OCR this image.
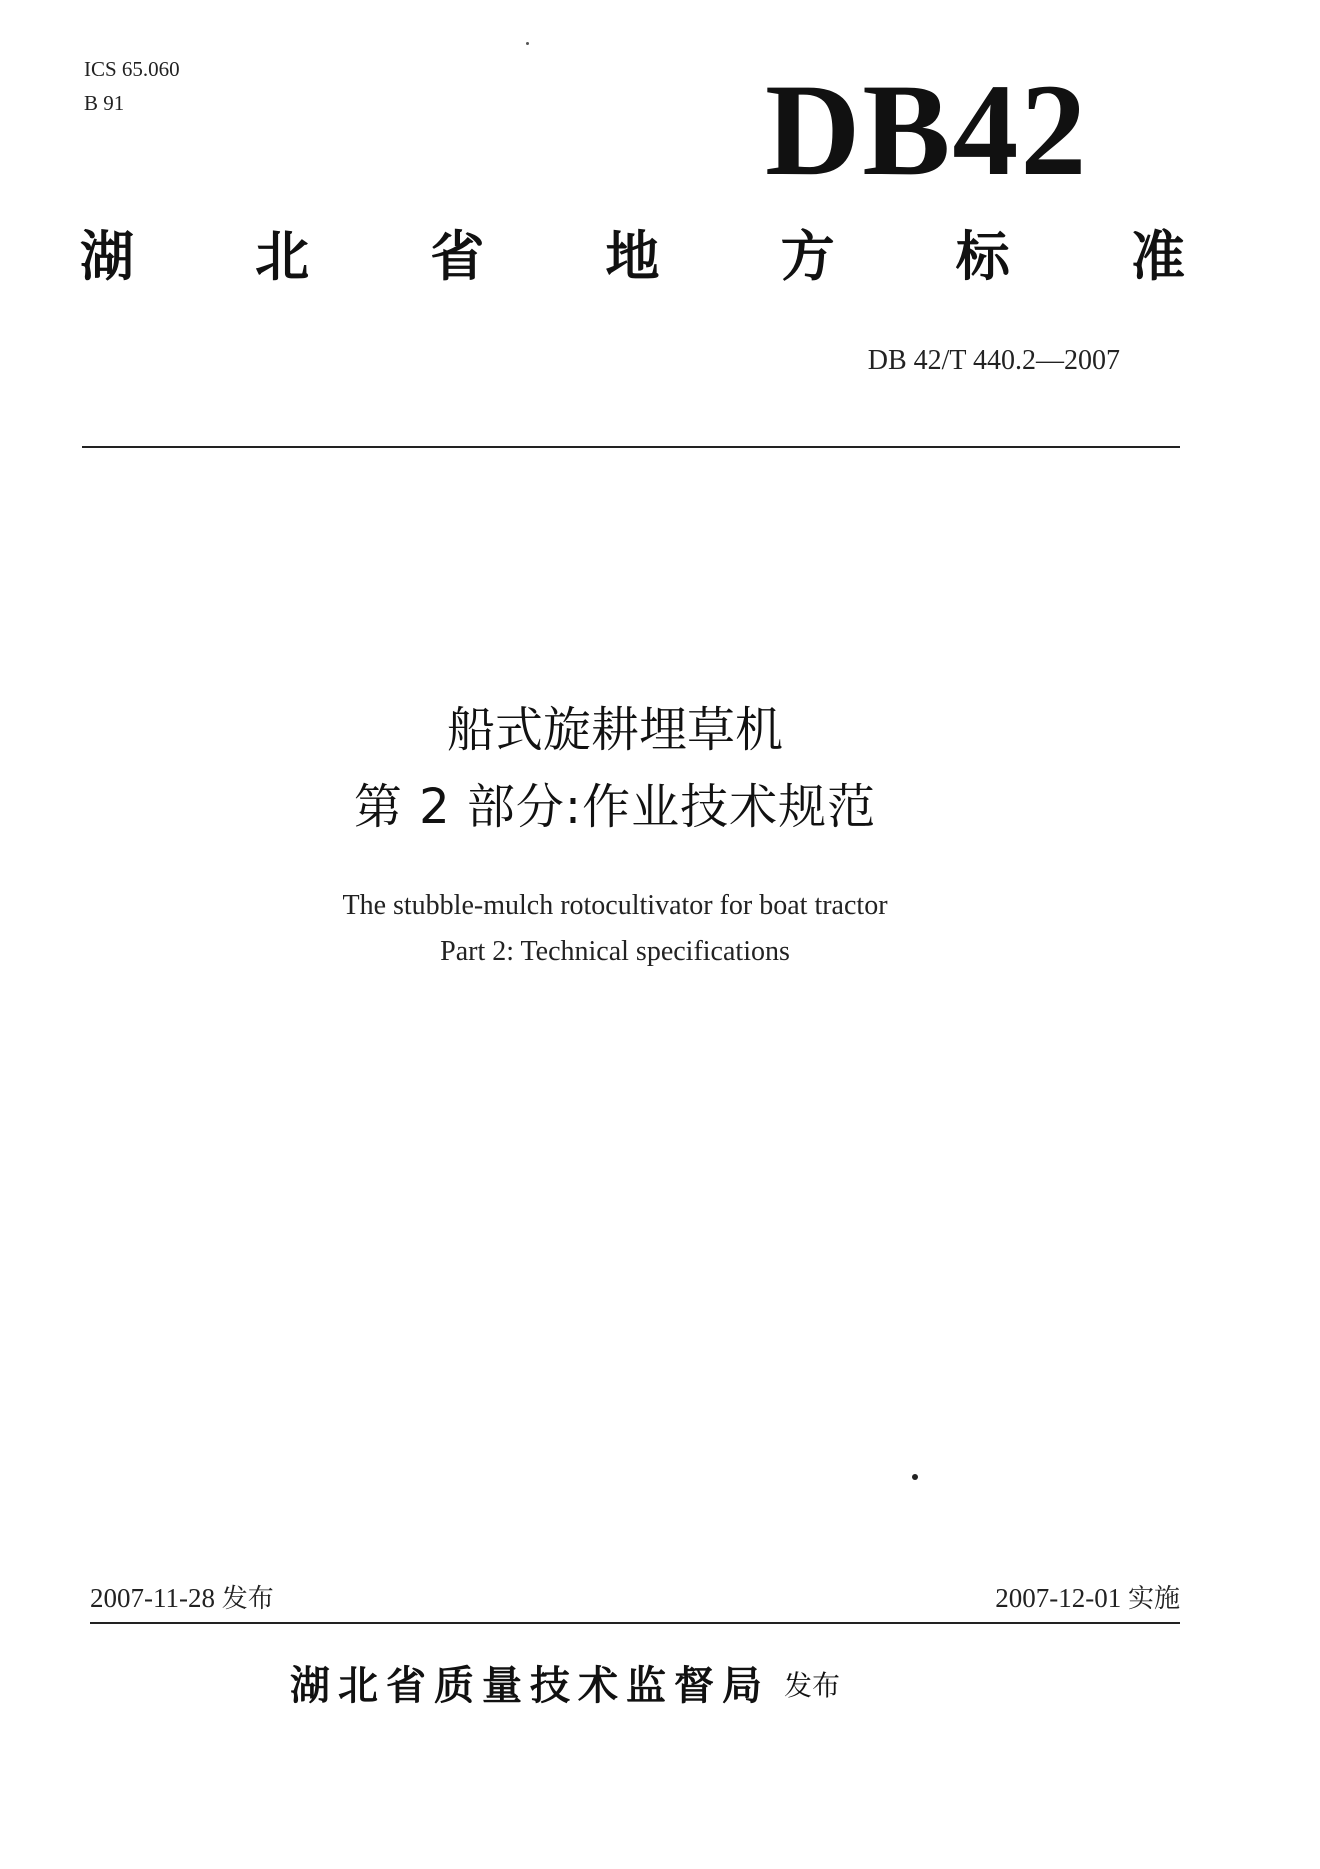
ICS 65.060
B 91	DB42
湖 北 省 地 方 标 准
DB 42/T 440.2—2007
船式旋耕埋草机
第 2 部分:作业技术规范
The stubble-mulch rotocultivator for boat tractor
Part 2: Technical specifications
2007-11-28 发布	2007-12-01 实施
湖北省质量技术监督局 发布
